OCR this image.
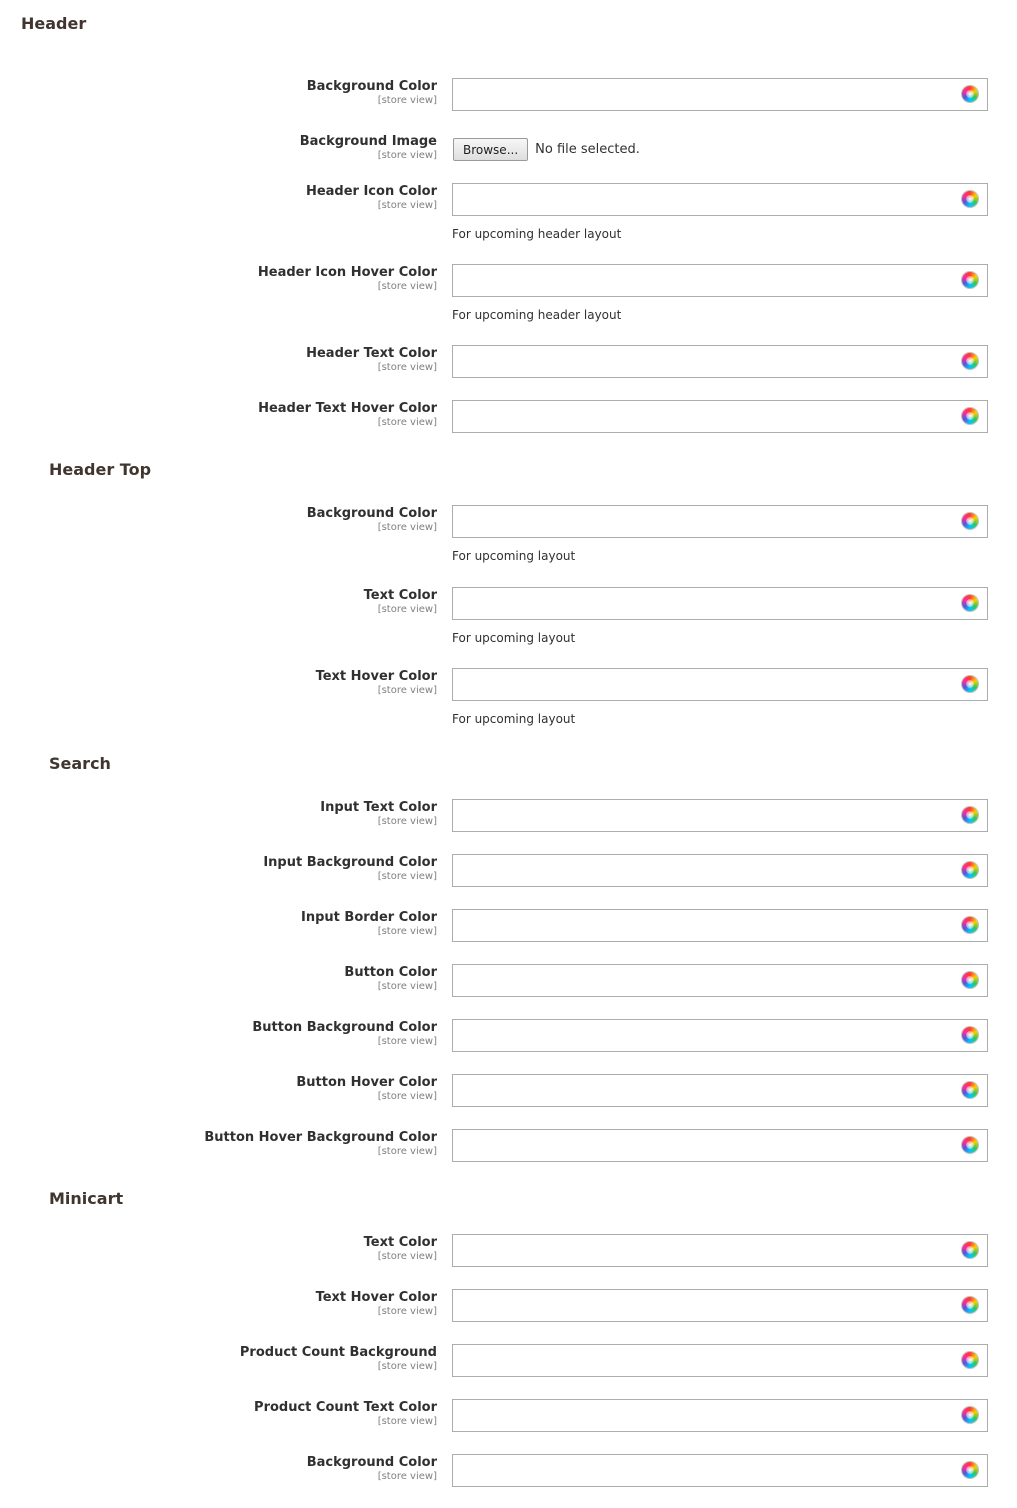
Header
Background Color
[store view]
Background Image
[store view]	Browse...	No file selected.
Header Icon Color
[store view]
For upcoming header layout
Header Icon Hover Color
[store view]
For upcoming header layout
Header Text Color
[store view]
Header Text Hover Color
[store view]
Header Top
Background Color
[store view]
For upcoming layout
Text Color
[store view]
For upcoming layout
Text Hover Color
[store view]
For upcoming layout
Search
Input Text Color
[store view]
Input Background Color
[store view]
Input Border Color
[store view]
Button Color
[store view]
Button Background Color
[store view]
Button Hover Color
[store view]
Button Hover Background Color
[store view]
Minicart
Text Color
[store view]
Text Hover Color
[store view]
Product Count Background
[store view]
Product Count Text Color
[store view]
Background Color
[store view]
